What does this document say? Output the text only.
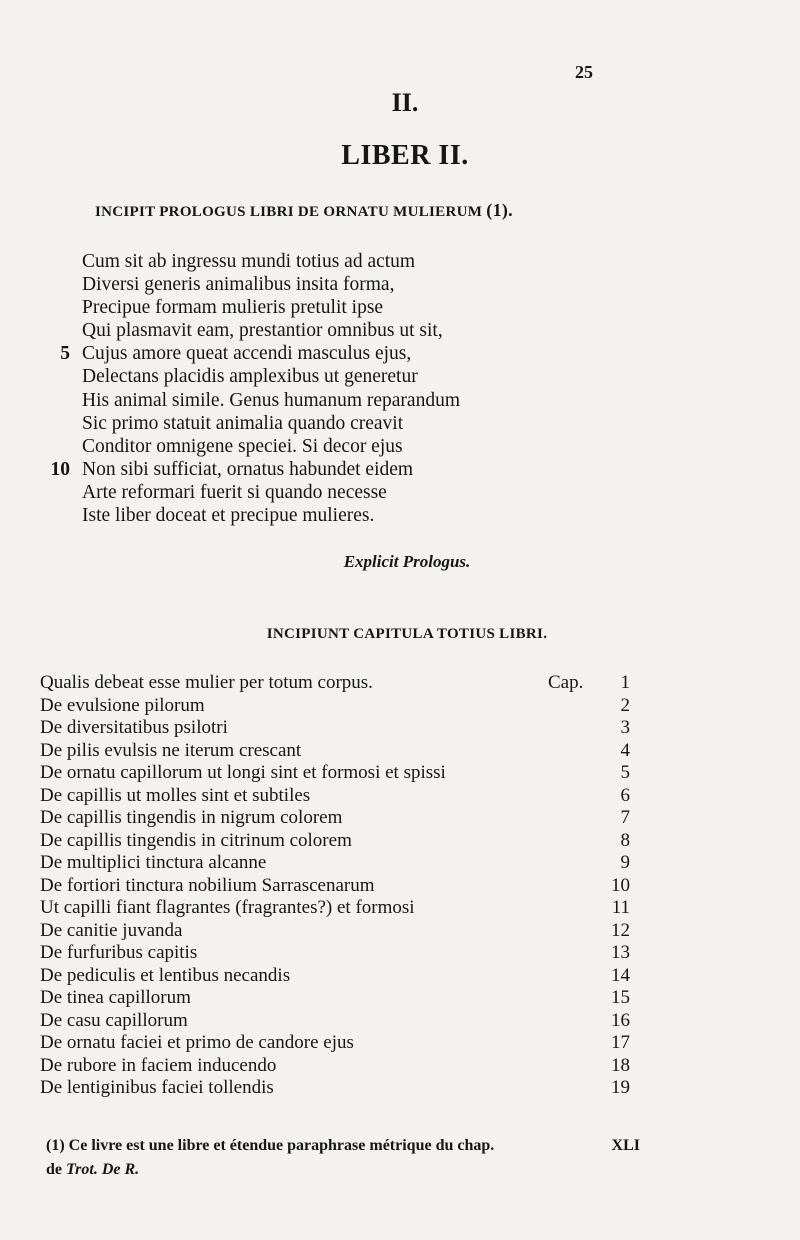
25
II.
LIBER II.
INCIPIT PROLOGUS LIBRI DE ORNATU MULIERUM (1).
Cum sit ab ingressu mundi totius ad actum
Diversi generis animalibus insita forma,
Precipue formam mulieris pretulit ipse
Qui plasmavit eam, prestantior omnibus ut sit,
5 Cujus amore queat accendi masculus ejus,
Delectans placidis amplexibus ut generetur
His animal simile. Genus humanum reparandum
Sic primo statuit animalia quando creavit
Conditor omnigene speciei. Si decor ejus
10 Non sibi sufficiat, ornatus habundet eidem
Arte reformari fuerit si quando necesse
Iste liber doceat et precipue mulieres.
Explicit Prologus.
INCIPIUNT CAPITULA TOTIUS LIBRI.
Qualis debeat esse mulier per totum corpus.	Cap.	1
De evulsione pilorum	2
De diversitatibus psilotri	3
De pilis evulsis ne iterum crescant	4
De ornatu capillorum ut longi sint et formosi et spissi	5
De capillis ut molles sint et subtiles	6
De capillis tingendis in nigrum colorem	7
De capillis tingendis in citrinum colorem	8
De multiplici tinctura alcanne	9
De fortiori tinctura nobilium Sarrascenarum	10
Ut capilli fiant flagrantes (fragrantes?) et formosi	11
De canitie juvanda	12
De furfuribus capitis	13
De pediculis et lentibus necandis	14
De tinea capillorum	15
De casu capillorum	16
De ornatu faciei et primo de candore ejus	17
De rubore in faciem inducendo	18
De lentiginibus faciei tollendis	19
(1) Ce livre est une libre et étendue paraphrase métrique du chap.	XLI
de Trot. De R.
